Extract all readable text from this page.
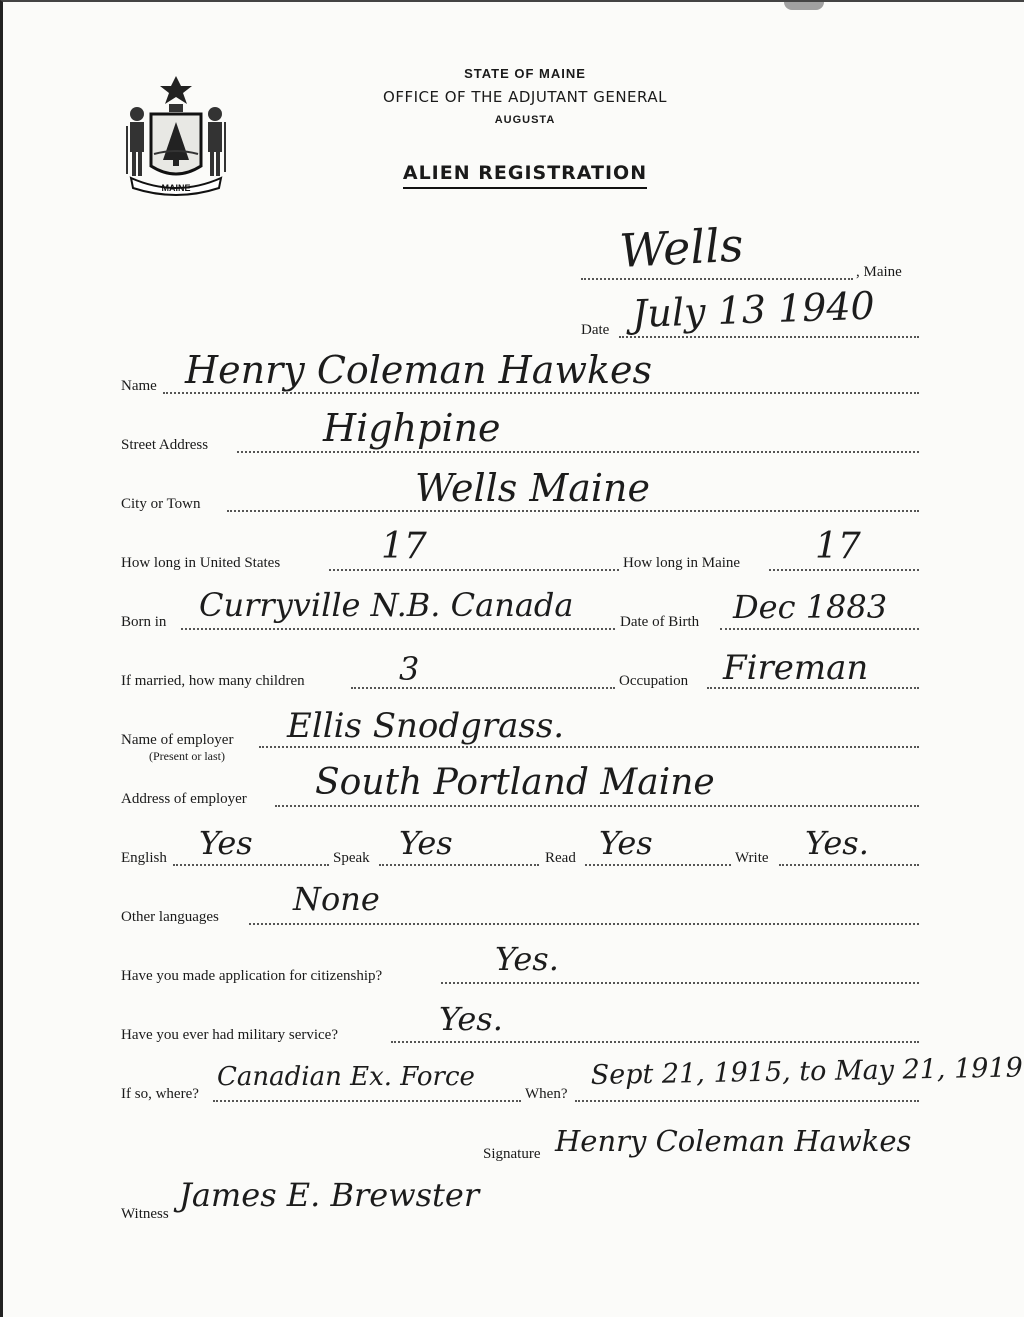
MAINE
STATE OF MAINE
OFFICE OF THE ADJUTANT GENERAL
AUGUSTA
ALIEN REGISTRATION
, Maine
Wells
Date July 13 1940
Name Henry Coleman Hawkes
Street Address	Highpine
City or Town	Wells Maine
How long in United States	17	How long in Maine 17
Born in Curryville N.B. Canada	Date of Birth Dec 1883
If married, how many children	3	Occupation Fireman
Name of employer
(Present or last)
Ellis Snodgrass.
Address of employer South Portland Maine
English Yes	Speak Yes	Read Yes	Write Yes.
Other languages None
Have you made application for citizenship?	Yes.
Have you ever had military service?	Yes.
If so, where?
Canadian Ex. Force
When?
Sept 21, 1915, to May 21, 1919
Signature Henry Coleman Hawkes
Witness James E. Brewster
